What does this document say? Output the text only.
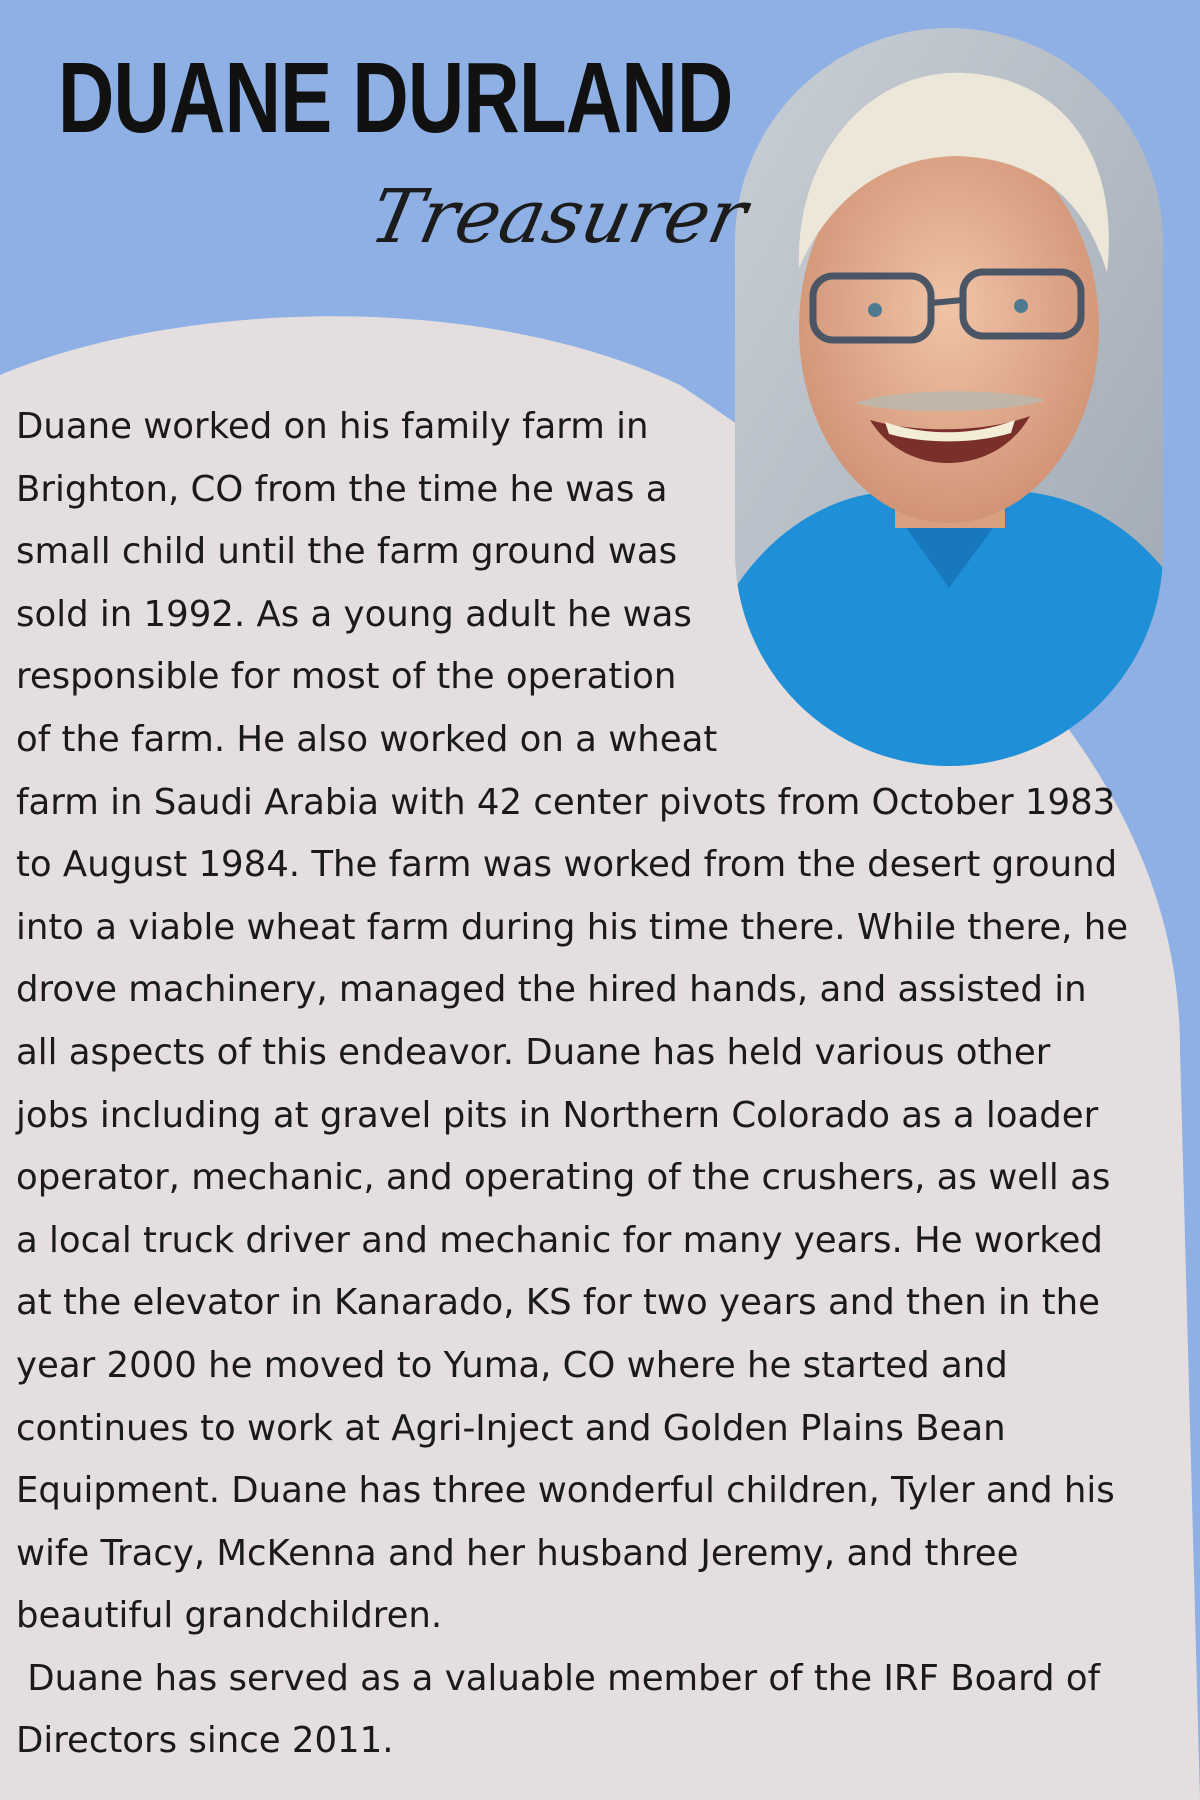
DUANE DURLAND
Treasurer
Duane worked on his family farm in
Brighton, CO from the time he was a
small child until the farm ground was
sold in 1992. As a young adult he was
responsible for most of the operation
of the farm. He also worked on a wheat
farm in Saudi Arabia with 42 center pivots from October 1983
to August 1984. The farm was worked from the desert ground
into a viable wheat farm during his time there. While there, he
drove machinery, managed the hired hands, and assisted in
all aspects of this endeavor. Duane has held various other
jobs including at gravel pits in Northern Colorado as a loader
operator, mechanic, and operating of the crushers, as well as
a local truck driver and mechanic for many years. He worked
at the elevator in Kanarado, KS for two years and then in the
year 2000 he moved to Yuma, CO where he started and
continues to work at Agri-Inject and Golden Plains Bean
Equipment. Duane has three wonderful children, Tyler and his
wife Tracy, McKenna and her husband Jeremy, and three
beautiful grandchildren.
Duane has served as a valuable member of the IRF Board of
Directors since 2011.
